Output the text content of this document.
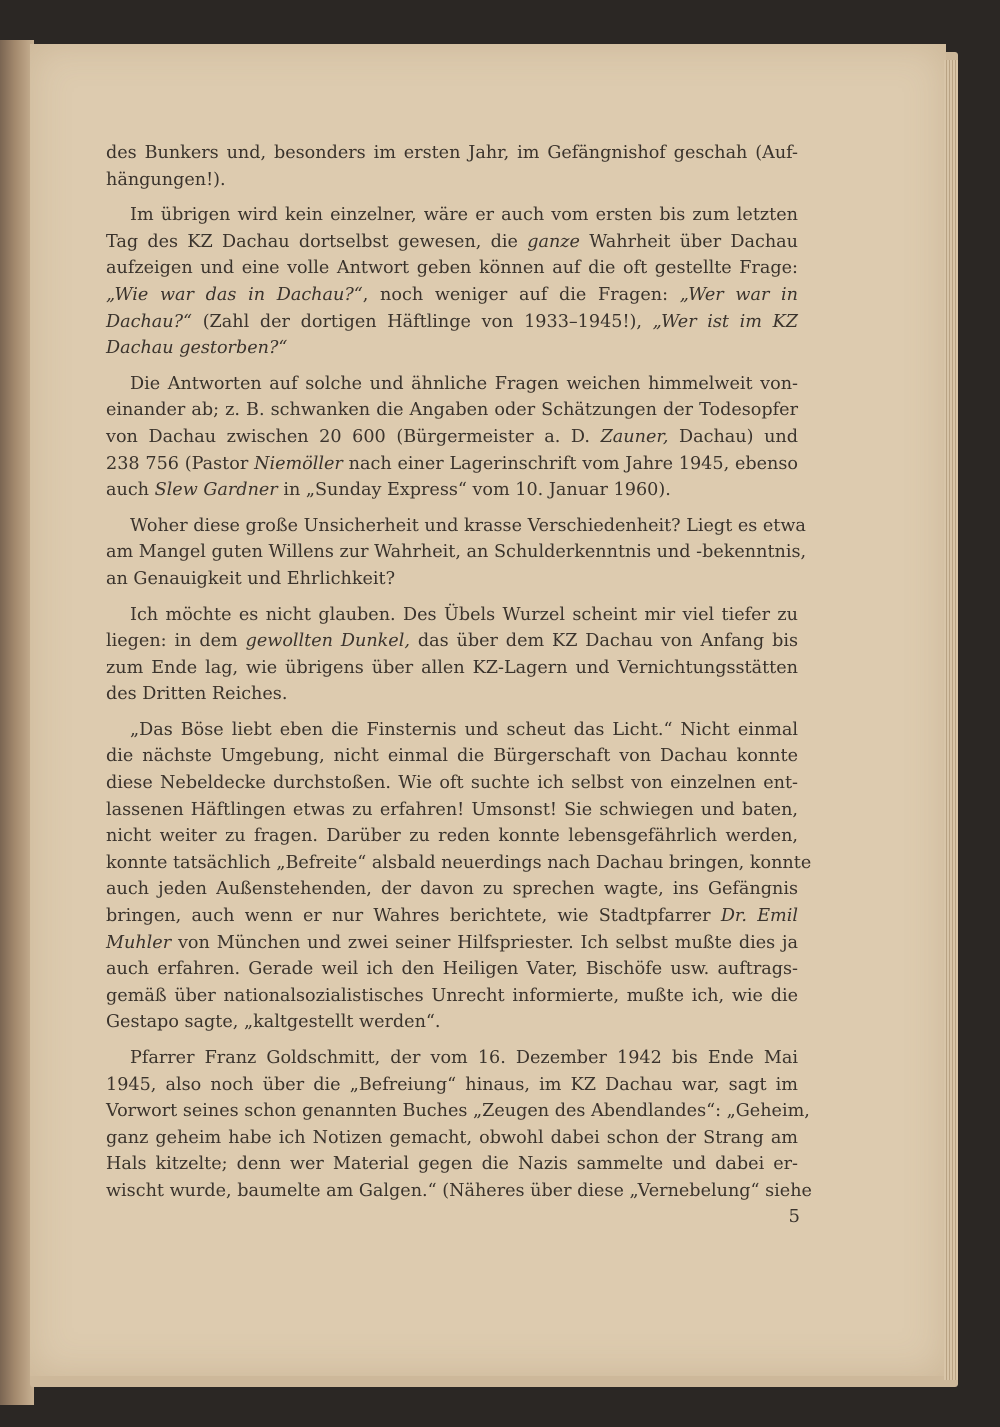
des Bunkers und, besonders im ersten Jahr, im Gefängnishof geschah (Auf-
hängungen!).
Im übrigen wird kein einzelner, wäre er auch vom ersten bis zum letzten
Tag des KZ Dachau dortselbst gewesen, die ganze Wahrheit über Dachau
aufzeigen und eine volle Antwort geben können auf die oft gestellte Frage:
„Wie war das in Dachau?“, noch weniger auf die Fragen: „Wer war in
Dachau?“ (Zahl der dortigen Häftlinge von 1933–1945!), „Wer ist im KZ
Dachau gestorben?“
Die Antworten auf solche und ähnliche Fragen weichen himmelweit von-
einander ab; z. B. schwanken die Angaben oder Schätzungen der Todesopfer
von Dachau zwischen 20 600 (Bürgermeister a. D. Zauner, Dachau) und
238 756 (Pastor Niemöller nach einer Lagerinschrift vom Jahre 1945, ebenso
auch Slew Gardner in „Sunday Express“ vom 10. Januar 1960).
Woher diese große Unsicherheit und krasse Verschiedenheit? Liegt es etwa
am Mangel guten Willens zur Wahrheit, an Schulderkenntnis und -bekenntnis,
an Genauigkeit und Ehrlichkeit?
Ich möchte es nicht glauben. Des Übels Wurzel scheint mir viel tiefer zu
liegen: in dem gewollten Dunkel, das über dem KZ Dachau von Anfang bis
zum Ende lag, wie übrigens über allen KZ-Lagern und Vernichtungsstätten
des Dritten Reiches.
„Das Böse liebt eben die Finsternis und scheut das Licht.“ Nicht einmal
die nächste Umgebung, nicht einmal die Bürgerschaft von Dachau konnte
diese Nebeldecke durchstoßen. Wie oft suchte ich selbst von einzelnen ent-
lassenen Häftlingen etwas zu erfahren! Umsonst! Sie schwiegen und baten,
nicht weiter zu fragen. Darüber zu reden konnte lebensgefährlich werden,
konnte tatsächlich „Befreite“ alsbald neuerdings nach Dachau bringen, konnte
auch jeden Außenstehenden, der davon zu sprechen wagte, ins Gefängnis
bringen, auch wenn er nur Wahres berichtete, wie Stadtpfarrer Dr. Emil
Muhler von München und zwei seiner Hilfspriester. Ich selbst mußte dies ja
auch erfahren. Gerade weil ich den Heiligen Vater, Bischöfe usw. auftrags-
gemäß über nationalsozialistisches Unrecht informierte, mußte ich, wie die
Gestapo sagte, „kaltgestellt werden“.
Pfarrer Franz Goldschmitt, der vom 16. Dezember 1942 bis Ende Mai
1945, also noch über die „Befreiung“ hinaus, im KZ Dachau war, sagt im
Vorwort seines schon genannten Buches „Zeugen des Abendlandes“: „Geheim,
ganz geheim habe ich Notizen gemacht, obwohl dabei schon der Strang am
Hals kitzelte; denn wer Material gegen die Nazis sammelte und dabei er-
wischt wurde, baumelte am Galgen.“ (Näheres über diese „Vernebelung“ siehe
5
